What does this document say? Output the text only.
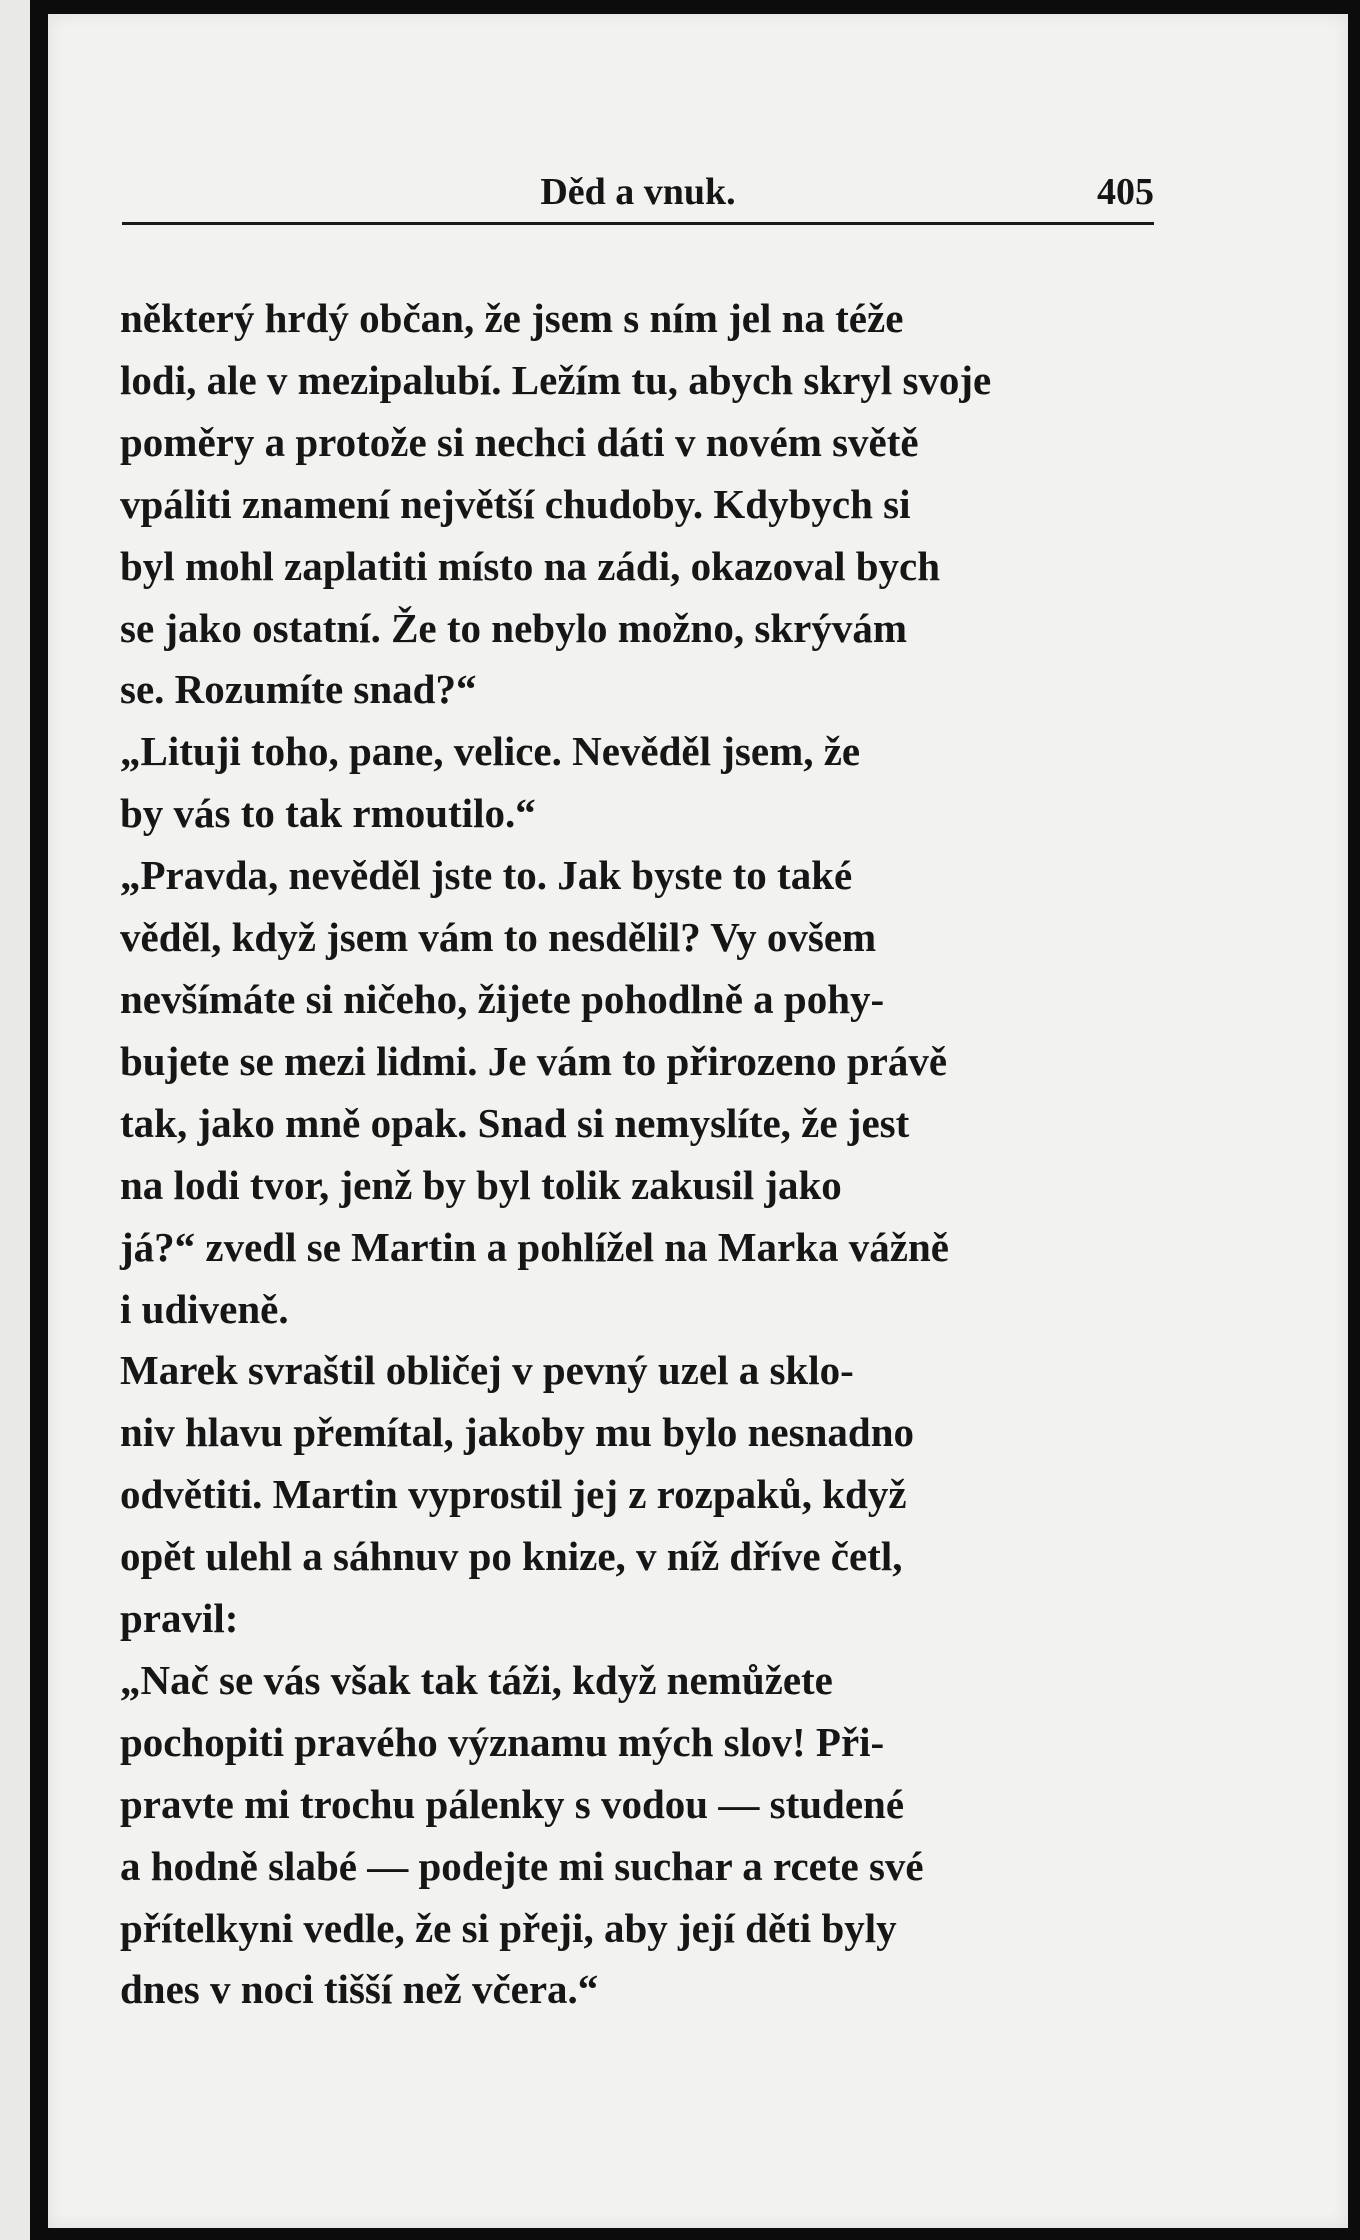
Děd a vnuk.	405

některý hrdý občan, že jsem s ním jel na téže
lodi, ale v mezipalubí. Ležím tu, abych skryl svoje
poměry a protože si nechci dáti v novém světě
vpáliti znamení největší chudoby. Kdybych si
byl mohl zaplatiti místo na zádi, okazoval bych
se jako ostatní. Že to nebylo možno, skrývám
se. Rozumíte snad?“

„Lituji toho, pane, velice. Nevěděl jsem, že
by vás to tak rmoutilo.“

„Pravda, nevěděl jste to. Jak byste to také
věděl, když jsem vám to nesdělil? Vy ovšem
nevšímáte si ničeho, žijete pohodlně a pohy-
bujete se mezi lidmi. Je vám to přirozeno právě
tak, jako mně opak. Snad si nemyslíte, že jest
na lodi tvor, jenž by byl tolik zakusil jako
já?“ zvedl se Martin a pohlížel na Marka vážně
i udiveně.

Marek svraštil obličej v pevný uzel a sklo-
niv hlavu přemítal, jakoby mu bylo nesnadno
odvětiti. Martin vyprostil jej z rozpaků, když
opět ulehl a sáhnuv po knize, v níž dříve četl,
pravil:

„Nač se vás však tak táži, když nemůžete
pochopiti pravého významu mých slov! Při-
pravte mi trochu pálenky s vodou — studené
a hodně slabé — podejte mi suchar a rcete své
přítelkyni vedle, že si přeji, aby její děti byly
dnes v noci tišší než včera.“
